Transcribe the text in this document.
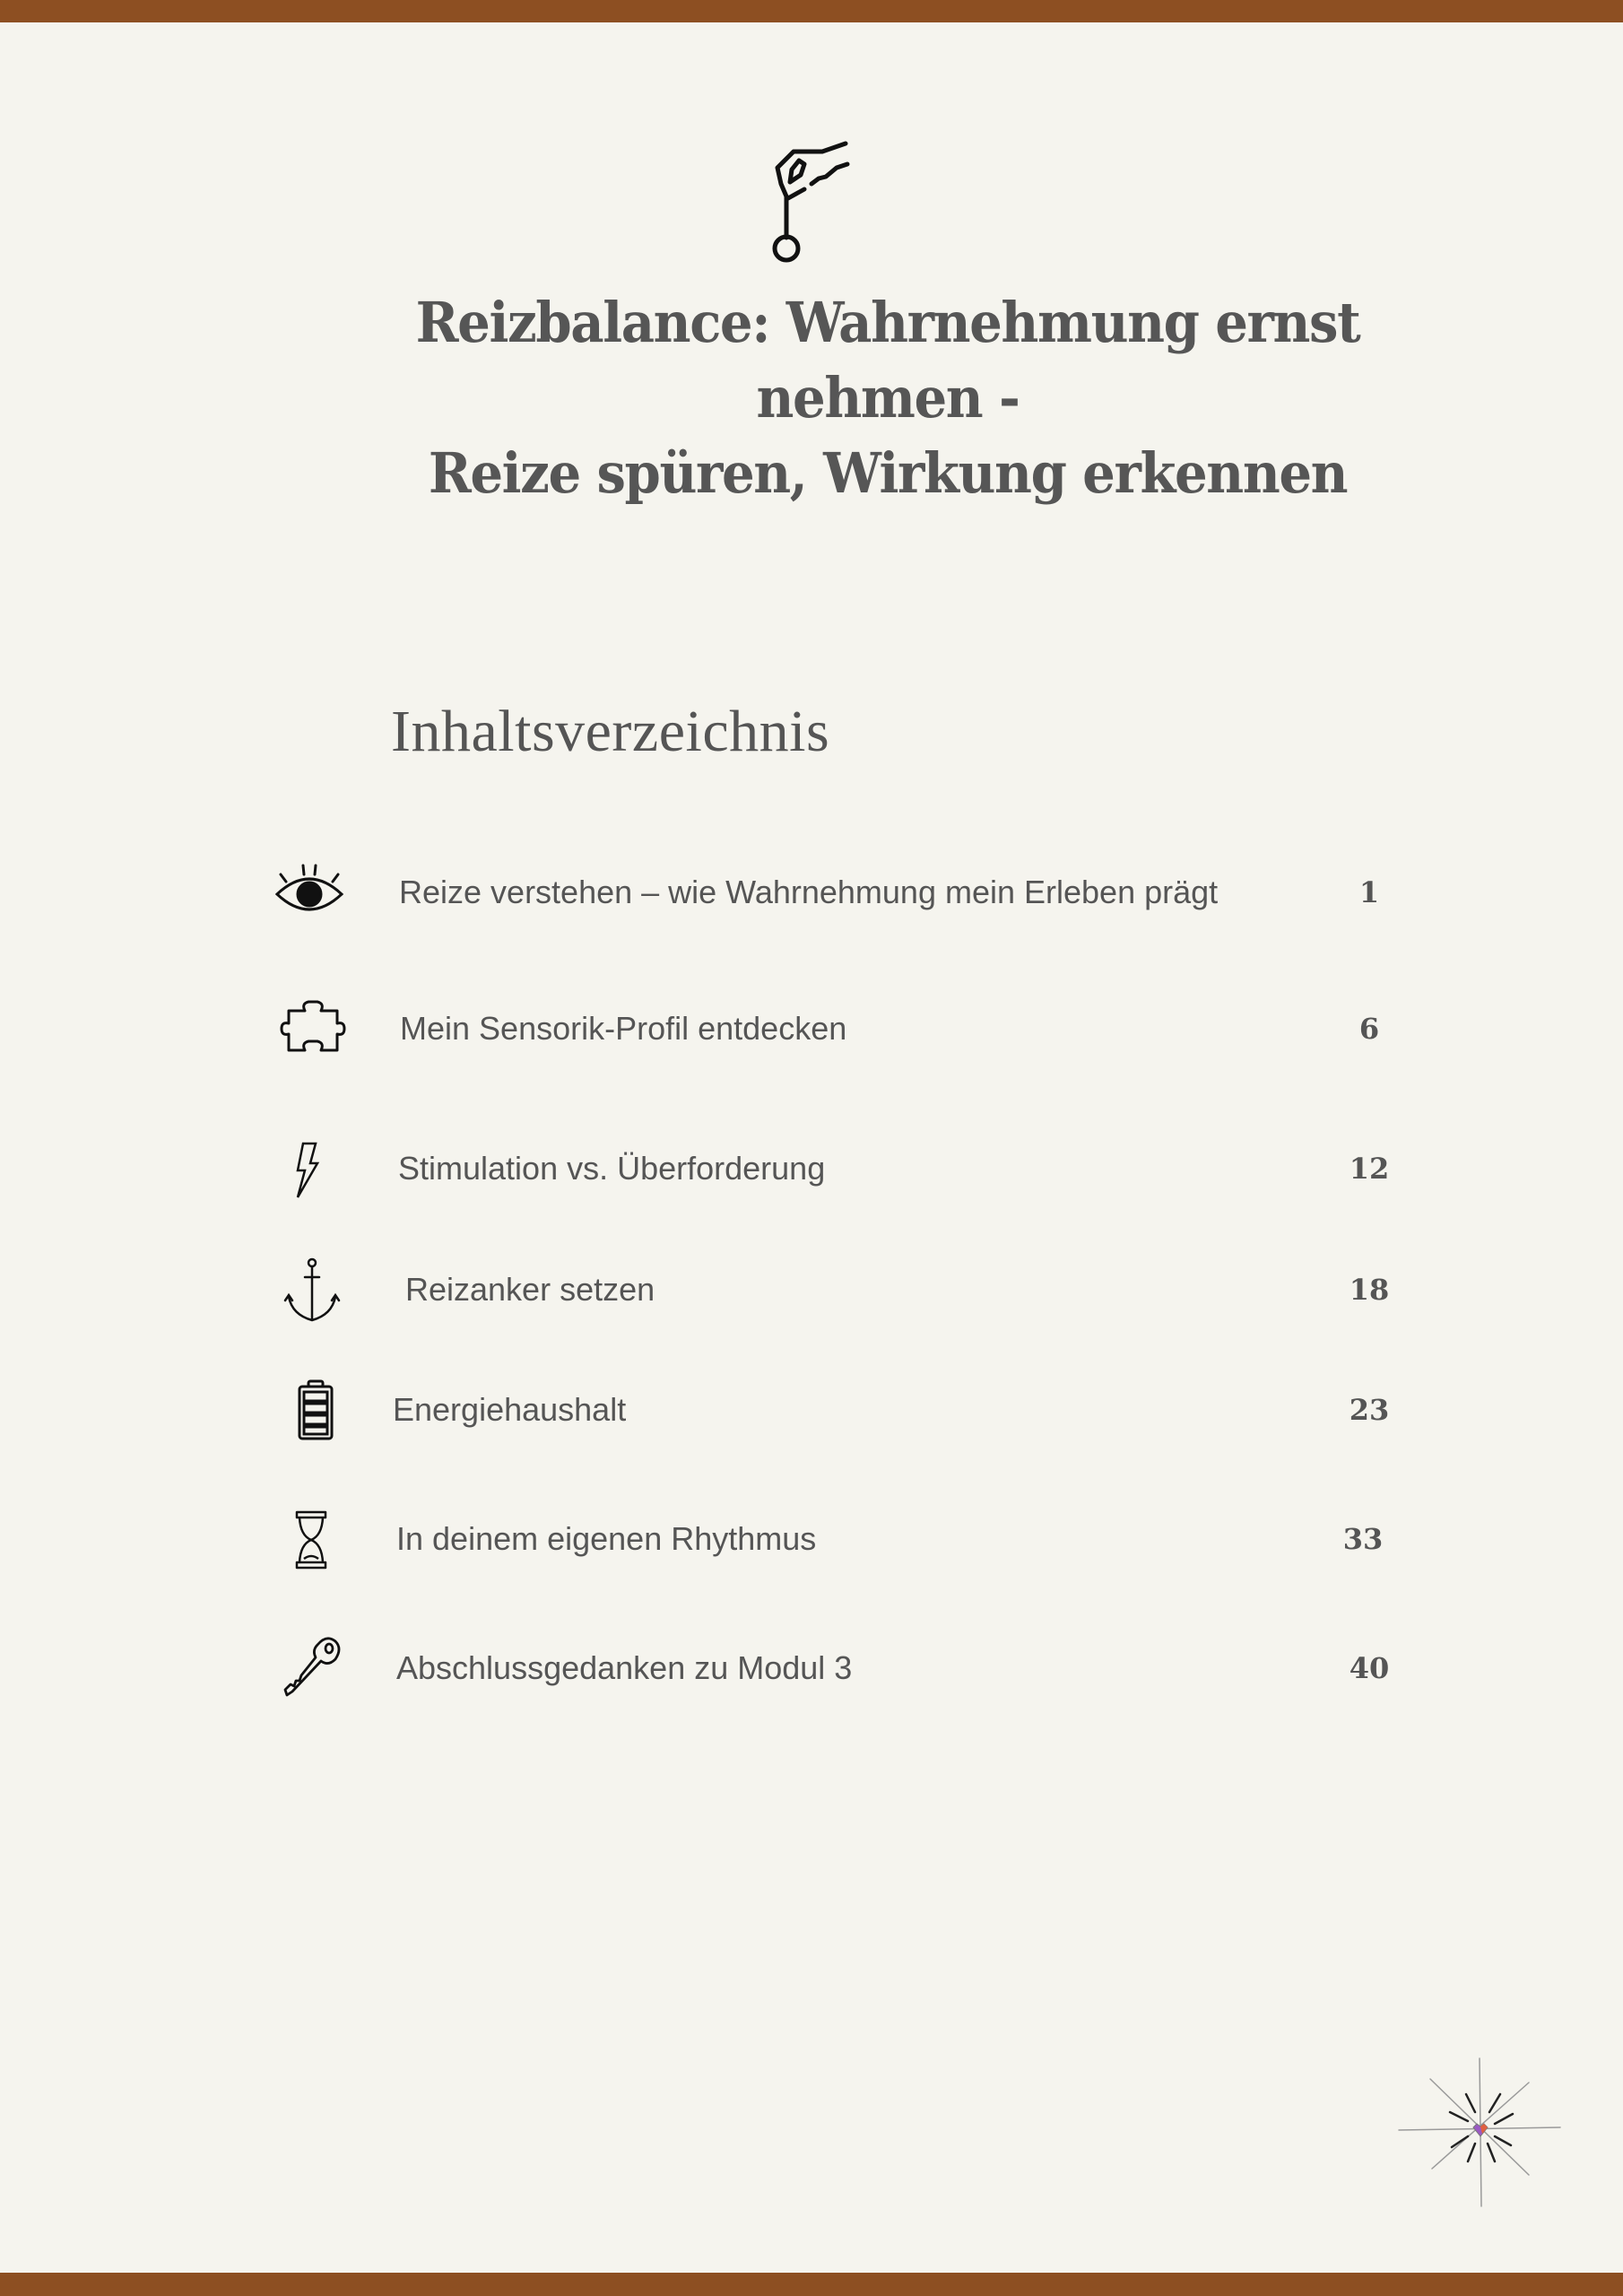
Reizbalance: Wahrnehmung ernst nehmen -
Reize spüren, Wirkung erkennen
Inhaltsverzeichnis
Reize verstehen – wie Wahrnehmung mein Erleben prägt	1
Mein Sensorik-Profil entdecken	6
Stimulation vs. Überforderung	12
Reizanker setzen	18
Energiehaushalt	23
In deinem eigenen Rhythmus	33
Abschlussgedanken zu Modul 3	40
